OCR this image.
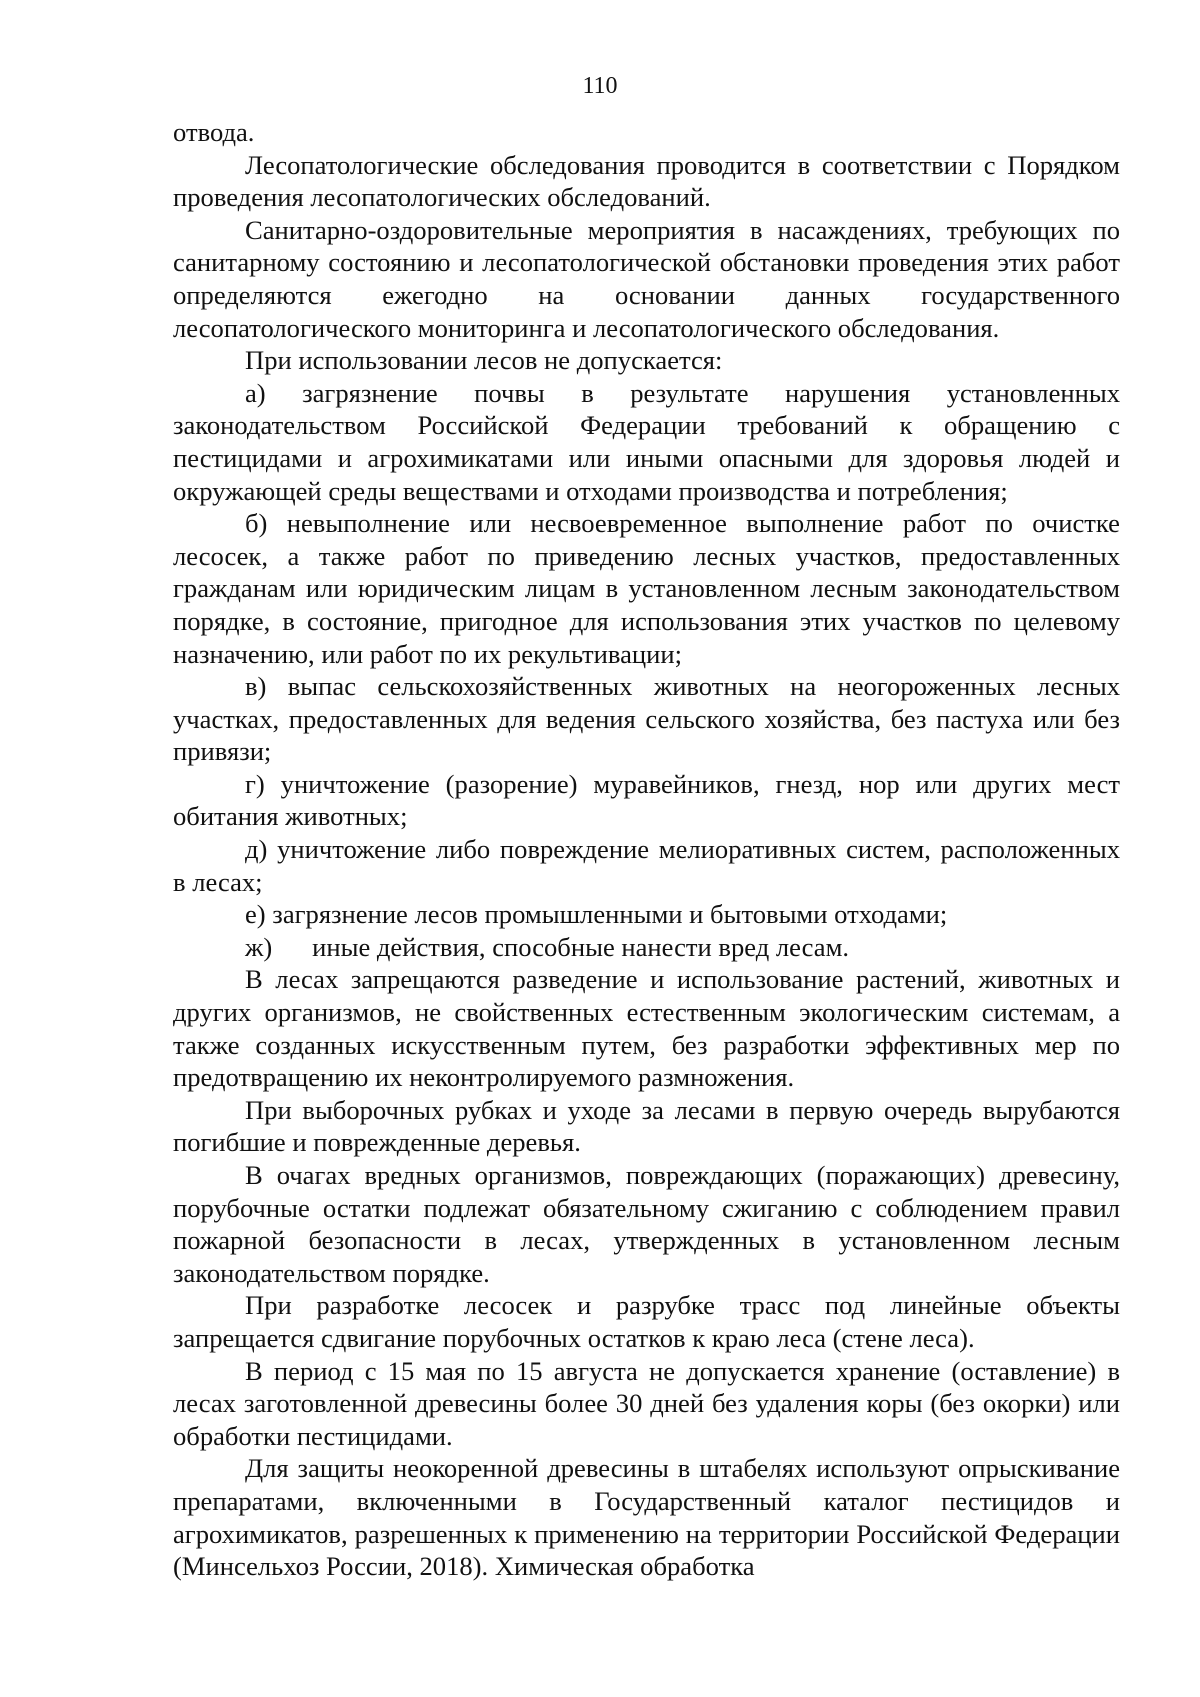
110

отвода.

Лесопатологические обследования проводится в соответствии с Порядком проведения лесопатологических обследований.

Санитарно-оздоровительные мероприятия в насаждениях, требующих по санитарному состоянию и лесопатологической обстановки проведения этих работ определяются ежегодно на основании данных государственного лесопатологического мониторинга и лесопатологического обследования.

При использовании лесов не допускается:

а) загрязнение почвы в результате нарушения установленных законодательством Российской Федерации требований к обращению с пестицидами и агрохимикатами или иными опасными для здоровья людей и окружающей среды веществами и отходами производства и потребления;

б) невыполнение или несвоевременное выполнение работ по очистке лесосек, а также работ по приведению лесных участков, предоставленных гражданам или юридическим лицам в установленном лесным законодательством порядке, в состояние, пригодное для использования этих участков по целевому назначению, или работ по их рекультивации;

в) выпас сельскохозяйственных животных на неогороженных лесных участках, предоставленных для ведения сельского хозяйства, без пастуха или без привязи;

г) уничтожение (разорение) муравейников, гнезд, нор или других мест обитания животных;

д) уничтожение либо повреждение мелиоративных систем, расположенных в лесах;

е) загрязнение лесов промышленными и бытовыми отходами;

ж)      иные действия, способные нанести вред лесам.

В лесах запрещаются разведение и использование растений, животных и других организмов, не свойственных естественным экологическим системам, а также созданных искусственным путем, без разработки эффективных мер по предотвращению их неконтролируемого размножения.

При выборочных рубках и уходе за лесами в первую очередь вырубаются погибшие и поврежденные деревья.

В очагах вредных организмов, повреждающих (поражающих) древесину, порубочные остатки подлежат обязательному сжиганию с соблюдением правил пожарной безопасности в лесах, утвержденных в установленном лесным законодательством порядке.

При разработке лесосек и разрубке трасс под линейные объекты запрещается сдвигание порубочных остатков к краю леса (стене леса).

В период с 15 мая по 15 августа не допускается хранение (оставление) в лесах заготовленной древесины более 30 дней без удаления коры (без окорки) или обработки пестицидами.

Для защиты неокоренной древесины в штабелях используют опрыскивание препаратами, включенными в Государственный каталог пестицидов и агрохимикатов, разрешенных к применению на территории Российской Федерации (Минсельхоз России, 2018). Химическая обработка
